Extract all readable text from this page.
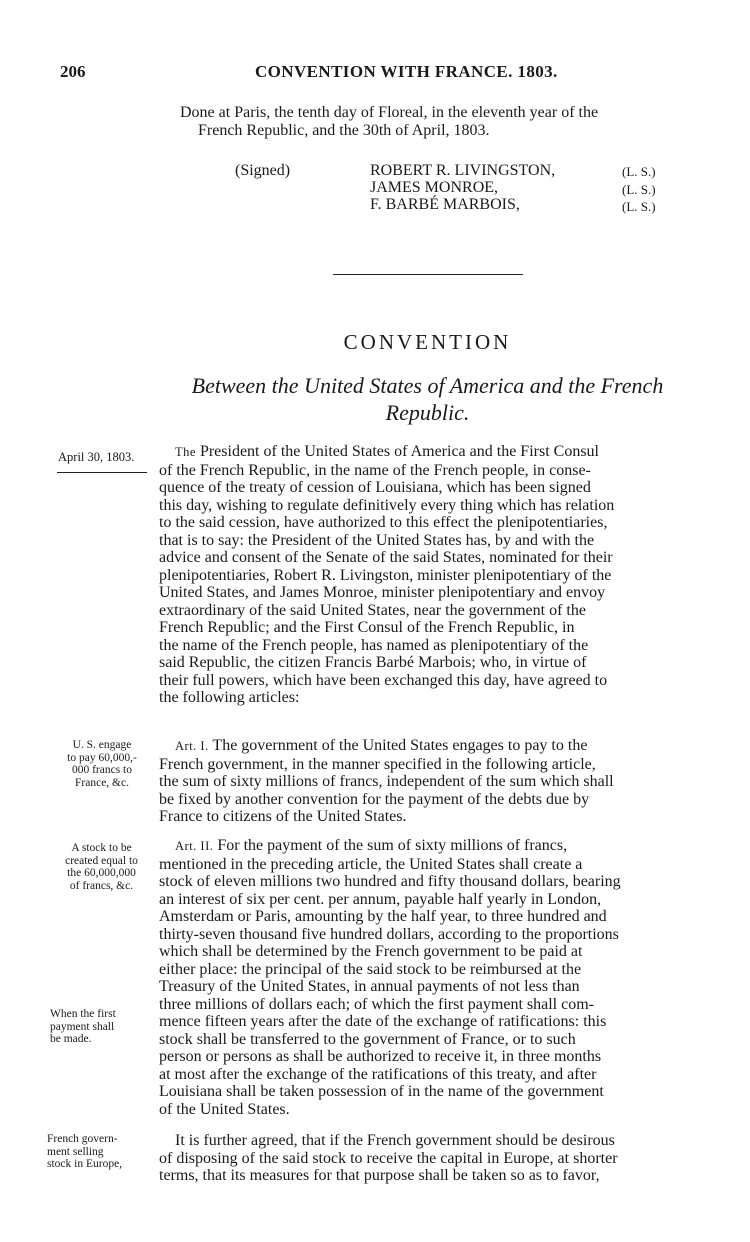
206	CONVENTION WITH FRANCE. 1803.
Done at Paris, the tenth day of Floreal, in the eleventh year of the
French Republic, and the 30th of April, 1803.
(Signed)	ROBERT R. LIVINGSTON,
JAMES MONROE,
F. BARBÉ MARBOIS,
(L. S.)
(L. S.)
(L. S.)
CONVENTION
Between the United States of America and the French
Republic.
April 30, 1803.
U. S. engage
to pay 60,000,-
000 francs to
France, &c.
A stock to be
created equal to
the 60,000,000
of francs, &c.
When the first
payment shall
be made.
French govern-
ment selling
stock in Europe,
The President of the United States of America and the First Consul
of the French Republic, in the name of the French people, in conse-
quence of the treaty of cession of Louisiana, which has been signed
this day, wishing to regulate definitively every thing which has relation
to the said cession, have authorized to this effect the plenipotentiaries,
that is to say: the President of the United States has, by and with the
advice and consent of the Senate of the said States, nominated for their
plenipotentiaries, Robert R. Livingston, minister plenipotentiary of the
United States, and James Monroe, minister plenipotentiary and envoy
extraordinary of the said United States, near the government of the
French Republic; and the First Consul of the French Republic, in
the name of the French people, has named as plenipotentiary of the
said Republic, the citizen Francis Barbé Marbois; who, in virtue of
their full powers, which have been exchanged this day, have agreed to
the following articles:
Art. I. The government of the United States engages to pay to the
French government, in the manner specified in the following article,
the sum of sixty millions of francs, independent of the sum which shall
be fixed by another convention for the payment of the debts due by
France to citizens of the United States.
Art. II. For the payment of the sum of sixty millions of francs,
mentioned in the preceding article, the United States shall create a
stock of eleven millions two hundred and fifty thousand dollars, bearing
an interest of six per cent. per annum, payable half yearly in London,
Amsterdam or Paris, amounting by the half year, to three hundred and
thirty-seven thousand five hundred dollars, according to the proportions
which shall be determined by the French government to be paid at
either place: the principal of the said stock to be reimbursed at the
Treasury of the United States, in annual payments of not less than
three millions of dollars each; of which the first payment shall com-
mence fifteen years after the date of the exchange of ratifications: this
stock shall be transferred to the government of France, or to such
person or persons as shall be authorized to receive it, in three months
at most after the exchange of the ratifications of this treaty, and after
Louisiana shall be taken possession of in the name of the government
of the United States.
It is further agreed, that if the French government should be desirous
of disposing of the said stock to receive the capital in Europe, at shorter
terms, that its measures for that purpose shall be taken so as to favor,
